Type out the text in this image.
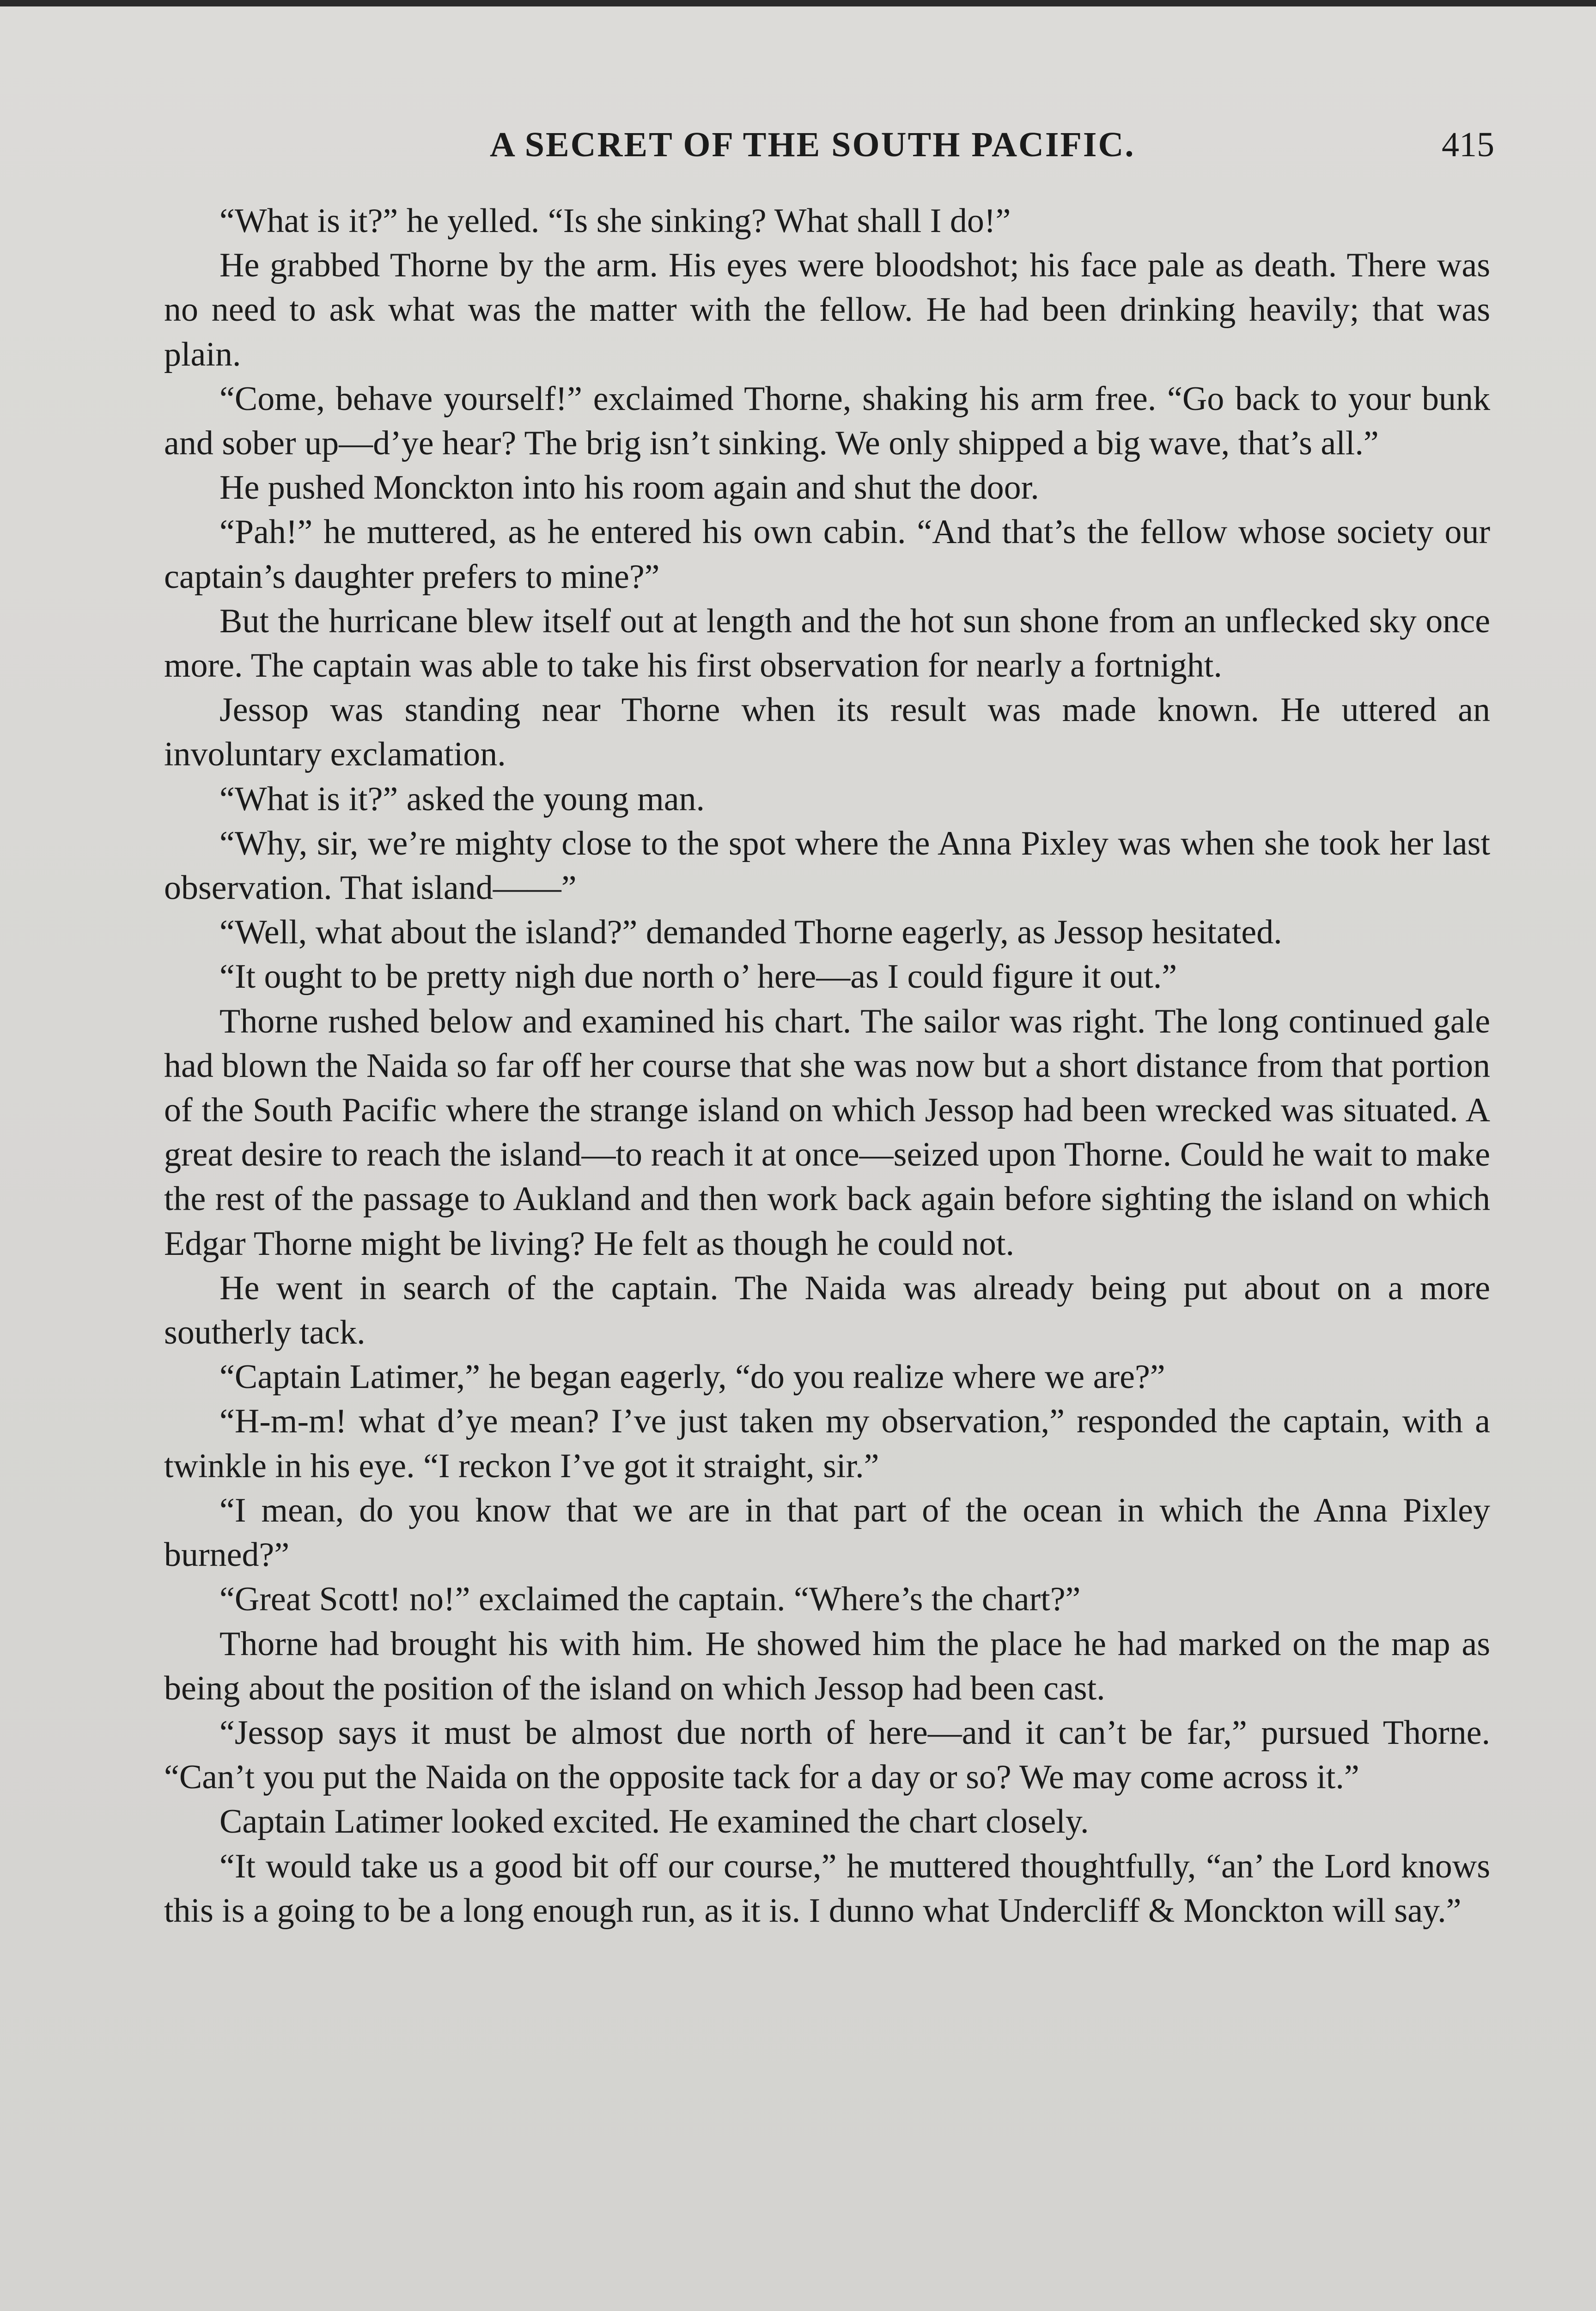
A SECRET OF THE SOUTH PACIFIC.	415

“What is it?” he yelled. “Is she sinking? What shall I do!”

He grabbed Thorne by the arm. His eyes were bloodshot; his face pale as death. There was no need to ask what was the matter with the fellow. He had been drinking heavily; that was plain.

“Come, behave yourself!” exclaimed Thorne, shaking his arm free. “Go back to your bunk and sober up—d’ye hear? The brig isn’t sinking. We only shipped a big wave, that’s all.”

He pushed Monckton into his room again and shut the door.

“Pah!” he muttered, as he entered his own cabin. “And that’s the fellow whose society our captain’s daughter prefers to mine?”

But the hurricane blew itself out at length and the hot sun shone from an unflecked sky once more. The captain was able to take his first observation for nearly a fortnight.

Jessop was standing near Thorne when its result was made known. He uttered an involuntary exclamation.

“What is it?” asked the young man.

“Why, sir, we’re mighty close to the spot where the Anna Pixley was when she took her last observation. That island——”

“Well, what about the island?” demanded Thorne eagerly, as Jessop hesitated.

“It ought to be pretty nigh due north o’ here—as I could figure it out.”

Thorne rushed below and examined his chart. The sailor was right. The long continued gale had blown the Naida so far off her course that she was now but a short distance from that portion of the South Pacific where the strange island on which Jessop had been wrecked was situated. A great desire to reach the island—to reach it at once—seized upon Thorne. Could he wait to make the rest of the passage to Aukland and then work back again before sighting the island on which Edgar Thorne might be living? He felt as though he could not.

He went in search of the captain. The Naida was already being put about on a more southerly tack.

“Captain Latimer,” he began eagerly, “do you realize where we are?”

“H-m-m! what d’ye mean? I’ve just taken my observation,” responded the captain, with a twinkle in his eye. “I reckon I’ve got it straight, sir.”

“I mean, do you know that we are in that part of the ocean in which the Anna Pixley burned?”

“Great Scott! no!” exclaimed the captain. “Where’s the chart?”

Thorne had brought his with him. He showed him the place he had marked on the map as being about the position of the island on which Jessop had been cast.

“Jessop says it must be almost due north of here—and it can’t be far,” pursued Thorne. “Can’t you put the Naida on the opposite tack for a day or so? We may come across it.”

Captain Latimer looked excited. He examined the chart closely.

“It would take us a good bit off our course,” he muttered thoughtfully, “an’ the Lord knows this is a going to be a long enough run, as it is. I dunno what Undercliff & Monckton will say.”
